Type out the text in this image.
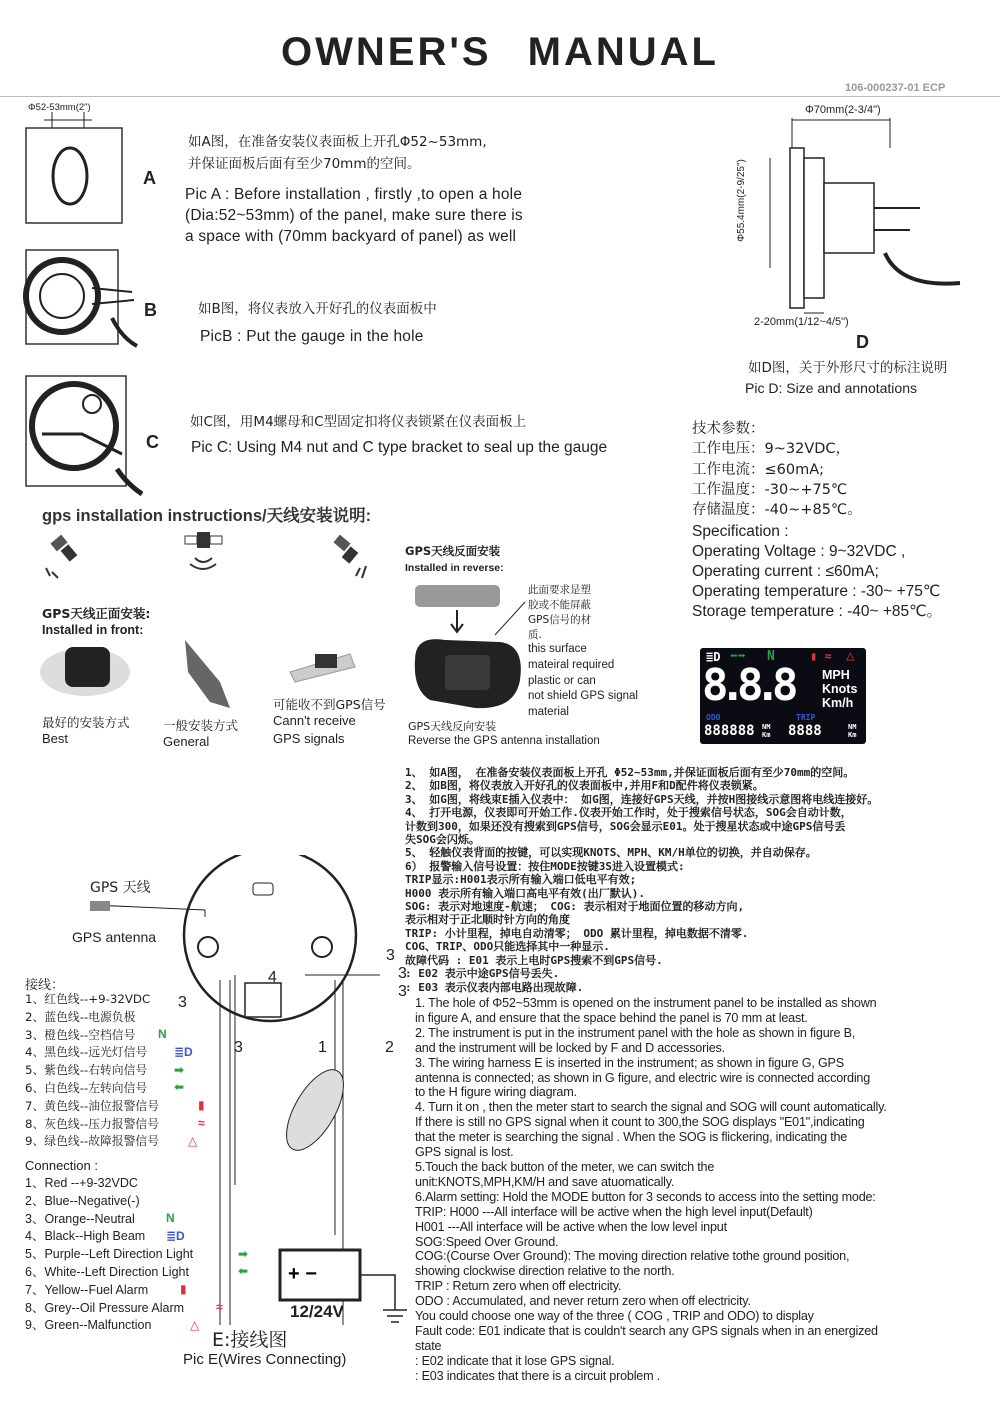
OWNER'S MANUAL
106-000237-01 ECP
Φ52-53mm(2")
A
如A图，在准备安装仪表面板上开孔Φ52~53mm,
并保证面板后面有至少70mm的空间。
Pic A : Before installation , firstly ,to open a hole
(Dia:52~53mm) of the panel, make sure there is
a space with (70mm backyard of panel) as well
B	如B图，将仪表放入开好孔的仪表面板中
PicB : Put the gauge in the hole
C
如C图，用M4螺母和C型固定扣将仪表锁紧在仪表面板上
Pic C: Using M4 nut and C type bracket to seal up the gauge
Φ70mm(2-3/4")
Φ55.4mm(2-9/25")
2-20mm(1/12~4/5")
D
如D图，关于外形尺寸的标注说明
Pic D: Size and annotations
技术参数：
工作电压：9~32VDC，
工作电流：≤60mA;
工作温度：-30~+75℃
存储温度：-40~+85℃。
Specification :
Operating Voltage : 9~32VDC ,
Operating current : ≤60mA;
Operating temperature : -30~ +75℃
Storage temperature : -40~ +85℃。
gps installation instructions/天线安装说明:
GPS天线正面安装:
Installed in front:
最好的安装方式
Best
一般安装方式
General
可能收不到GPS信号
Cann't receive
GPS signals
GPS天线反面安装
Installed in reverse:
此面要求是塑
胶或不能屏蔽
GPS信号的材
质.
this surface
mateiral required
plastic or can
not shield GPS signal
material
GPS天线反向安装
Reverse the GPS antenna installation
≣D ⬅➡ N	▮ ≈ △
8.8.8	MPH
Knots
Km/h
ODO	TRIP
888888 NM
Km 8888	NM
Km
1、 如A图， 在准备安装仪表面板上开孔 Φ52~53mm,并保证面板后面有至少70mm的空间。
2、 如B图，将仪表放入开好孔的仪表面板中,并用F和D配件将仪表锁紧。
3、 如G图，将线束E插入仪表中： 如G图，连接好GPS天线，并按H图接线示意图将电线连接好。
4、 打开电源，仪表即可开始工作.仪表开始工作时，处于搜索信号状态，SOG会自动计数，
计数到300，如果还没有搜索到GPS信号，SOG会显示E01。处于搜星状态或中途GPS信号丢
失SOG会闪烁。
5、 轻触仪表背面的按键，可以实现KNOTS、MPH、KM/H单位的切换，并自动保存。
6） 报警输入信号设置：按住MODE按键3S进入设置模式:
TRIP显示:H001表示所有输入端口低电平有效;
H000 表示所有输入端口高电平有效(出厂默认).
SOG: 表示对地速度-航速； COG: 表示相对于地面位置的移动方向,
表示相对于正北顺时针方向的角度
TRIP: 小计里程，掉电自动清零； ODO 累计里程，掉电数据不清零.
COG、TRIP、ODO只能选择其中一种显示.
故障代码 : E01 表示上电时GPS搜索不到GPS信号.
: E02 表示中途GPS信号丢失.
: E03 表示仪表内部电路出现故障.
1. The hole of Φ52~53mm is opened on the instrument panel to be installed as shown
in figure A, and ensure that the space behind the panel is 70 mm at least.
2. The instrument is put in the instrument panel with the hole as shown in figure B,
and the instrument will be locked by F and D accessories.
3. The wiring harness E is inserted in the instrument; as shown in figure G, GPS
antenna is connected; as shown in G figure, and electric wire is connected according
to the H figure wiring diagram.
4. Turn it on , then the meter start to search the signal and SOG will count automatically.
If there is still no GPS signal when it count to 300,the SOG displays "E01",indicating
that the meter is searching the signal . When the SOG is flickering, indicating the
GPS signal is lost.
5.Touch the back button of the meter, we can switch the
unit:KNOTS,MPH,KM/H and save atuomatically.
6.Alarm setting: Hold the MODE button for 3 seconds to access into the setting mode:
TRIP: H000 ---All interface will be active when the high level input(Default)
H001 ---All interface will be active when the low level input
SOG:Speed Over Ground.
COG:(Course Over Ground): The moving direction relative tothe ground position,
showing clockwise direction relative to the north.
TRIP : Return zero when off electricity.
ODO : Accumulated, and never return zero when off electricity.
You could choose one way of the three ( COG , TRIP and ODO) to display
Fault code: E01 indicate that is couldn't search any GPS signals when in an energized
state
: E02 indicate that it lose GPS signal.
: E03 indicates that there is a circuit problem .
GPS 天线
GPS antenna
+ −
4
3
3
3
3
3	1	2
接线：
1、红色线--+9-32VDC
2、蓝色线--电源负极
3、橙色线--空档信号
4、黑色线--远光灯信号
5、紫色线--右转向信号
6、白色线--左转向信号
7、黄色线--油位报警信号
8、灰色线--压力报警信号
9、绿色线--故障报警信号
Connection :
1、Red --+9-32VDC
2、Blue--Negative(-)
3、Orange--Neutral
4、Black--High Beam
5、Purple--Left Direction Light
6、White--Left Direction Light
7、Yellow--Fuel Alarm
8、Grey--Oil Pressure Alarm
9、Green--Malfunction
N
≣D
➡
⬅
▮
≈
△
N
≣D
➡
⬅
▮
≈
△
12/24V
E:接线图
Pic E(Wires Connecting)
